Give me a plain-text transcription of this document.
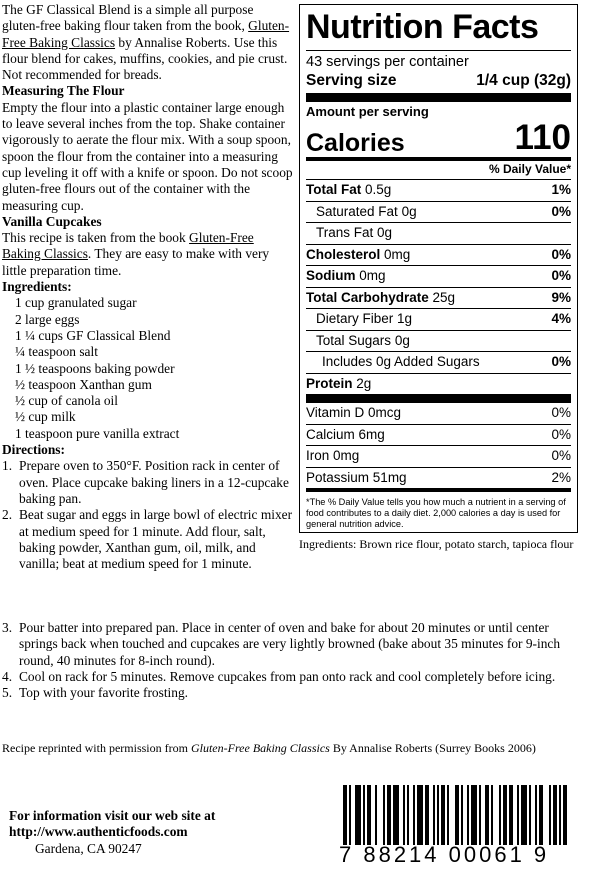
The GF Classical Blend is a simple all purpose gluten-free baking flour taken from the book, Gluten-Free Baking Classics by Annalise Roberts. Use this flour blend for cakes, muffins, cookies, and pie crust. Not recommended for breads.

Measuring The Flour

Empty the flour into a plastic container large enough to leave several inches from the top. Shake container vigorously to aerate the flour mix. With a soup spoon, spoon the flour from the container into a measuring cup leveling it off with a knife or spoon. Do not scoop gluten-free flours out of the container with the measuring cup.

Vanilla Cupcakes

This recipe is taken from the book Gluten-Free Baking Classics. They are easy to make with very little preparation time.

Ingredients:

1 cup granulated sugar
2 large eggs
1 ¼ cups GF Classical Blend
¼ teaspoon salt
1 ½ teaspoons baking powder
½ teaspoon Xanthan gum
½ cup of canola oil
½ cup milk
1 teaspoon pure vanilla extract

Directions:

1. Prepare oven to 350°F. Position rack in center of oven. Place cupcake baking liners in a 12-cupcake baking pan.

2. Beat sugar and eggs in large bowl of electric mixer at medium speed for 1 minute. Add flour, salt, baking powder, Xanthan gum, oil, milk, and vanilla; beat at medium speed for 1 minute.

3. Pour batter into prepared pan. Place in center of oven and bake for about 20 minutes or until center springs back when touched and cupcakes are very lightly browned (bake about 35 minutes for 9-inch round, 40 minutes for 8-inch round).

4. Cool on rack for 5 minutes. Remove cupcakes from pan onto rack and cool completely before icing.

5. Top with your favorite frosting.

Nutrition Facts
43 servings per container
Serving size	1/4 cup (32g)
Amount per serving
Calories	110
% Daily Value*
Total Fat 0.5g	1%
Saturated Fat 0g	0%
Trans Fat 0g
Cholesterol 0mg	0%
Sodium 0mg	0%
Total Carbohydrate 25g	9%
Dietary Fiber 1g	4%
Total Sugars 0g
Includes 0g Added Sugars	0%
Protein 2g
Vitamin D 0mcg	0%
Calcium 6mg	0%
Iron 0mg	0%
Potassium 51mg	2%
*The % Daily Value tells you how much a nutrient in a serving of food contributes to a daily diet. 2,000 calories a day is used for general nutrition advice.
Ingredients: Brown rice flour, potato starch, tapioca flour
Recipe reprinted with permission from Gluten-Free Baking Classics By Annalise Roberts (Surrey Books 2006)
For information visit our web site at
http://www.authenticfoods.com
Gardena, CA 90247	7 88214 00061 9
